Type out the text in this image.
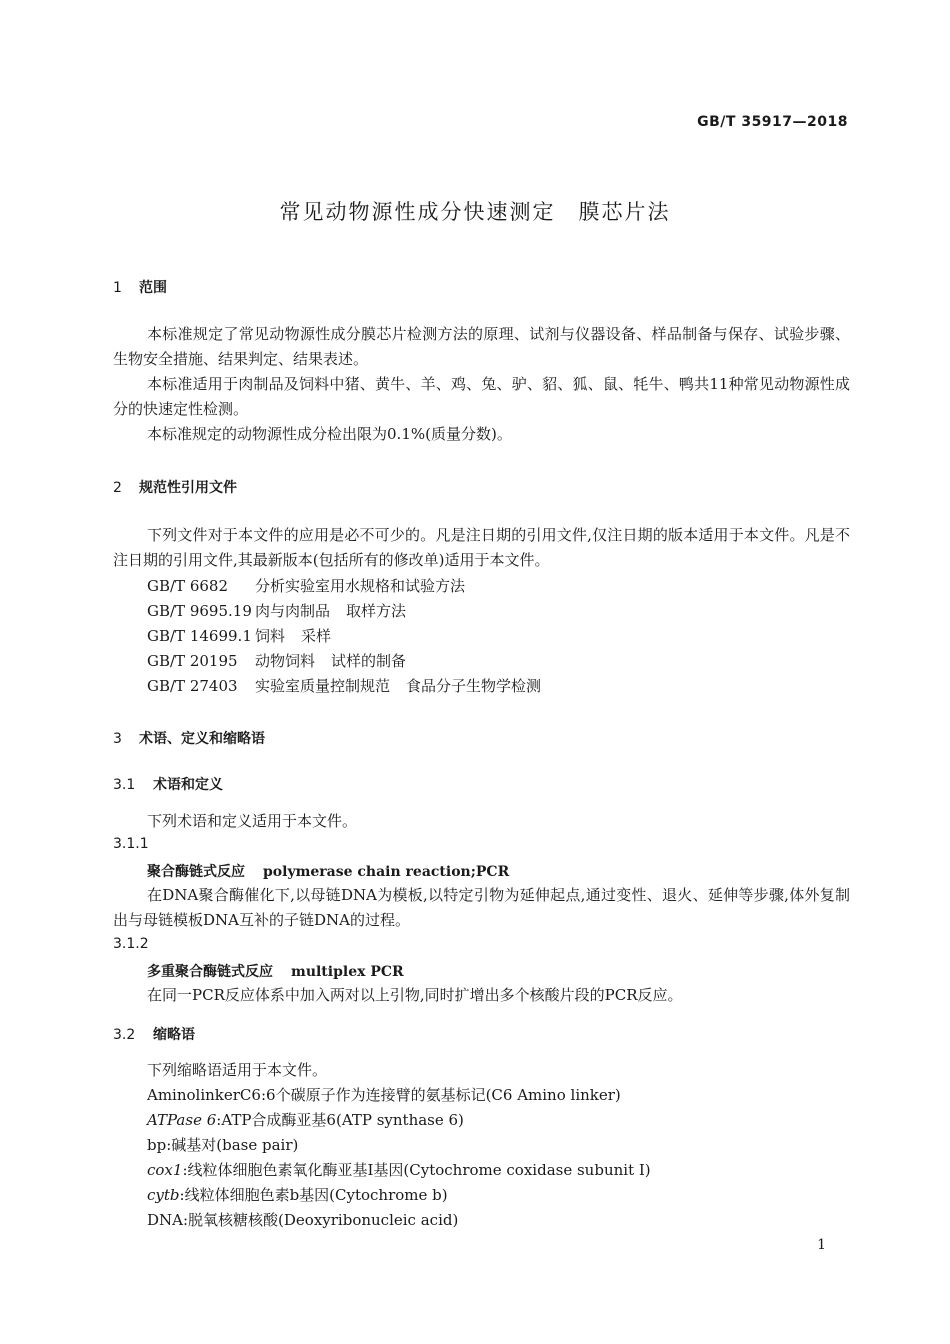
GB/T 35917—2018
常见动物源性成分快速测定　膜芯片法
1 范围
本标准规定了常见动物源性成分膜芯片检测方法的原理、试剂与仪器设备、样品制备与保存、试验步骤、生物安全措施、结果判定、结果表述。
本标准适用于肉制品及饲料中猪、黄牛、羊、鸡、兔、驴、貂、狐、鼠、牦牛、鸭共11种常见动物源性成分的快速定性检测。
本标准规定的动物源性成分检出限为0.1%(质量分数)。
2 规范性引用文件
下列文件对于本文件的应用是必不可少的。凡是注日期的引用文件,仅注日期的版本适用于本文件。凡是不注日期的引用文件,其最新版本(包括所有的修改单)适用于本文件。
GB/T 6682 分析实验室用水规格和试验方法
GB/T 9695.19 肉与肉制品 取样方法
GB/T 14699.1 饲料 采样
GB/T 20195 动物饲料 试样的制备
GB/T 27403 实验室质量控制规范 食品分子生物学检测
3 术语、定义和缩略语
3.1 术语和定义
下列术语和定义适用于本文件。
3.1.1
聚合酶链式反应 polymerase chain reaction;PCR
在DNA聚合酶催化下,以母链DNA为模板,以特定引物为延伸起点,通过变性、退火、延伸等步骤,体外复制出与母链模板DNA互补的子链DNA的过程。
3.1.2
多重聚合酶链式反应 multiplex PCR
在同一PCR反应体系中加入两对以上引物,同时扩增出多个核酸片段的PCR反应。
3.2 缩略语
下列缩略语适用于本文件。
AminolinkerC6:6个碳原子作为连接臂的氨基标记(C6 Amino linker)
ATPase 6:ATP合成酶亚基6(ATP synthase 6)
bp:碱基对(base pair)
cox1:线粒体细胞色素氧化酶亚基Ⅰ基因(Cytochrome coxidase subunit Ⅰ)
cytb:线粒体细胞色素b基因(Cytochrome b)
DNA:脱氧核糖核酸(Deoxyribonucleic acid)
1
